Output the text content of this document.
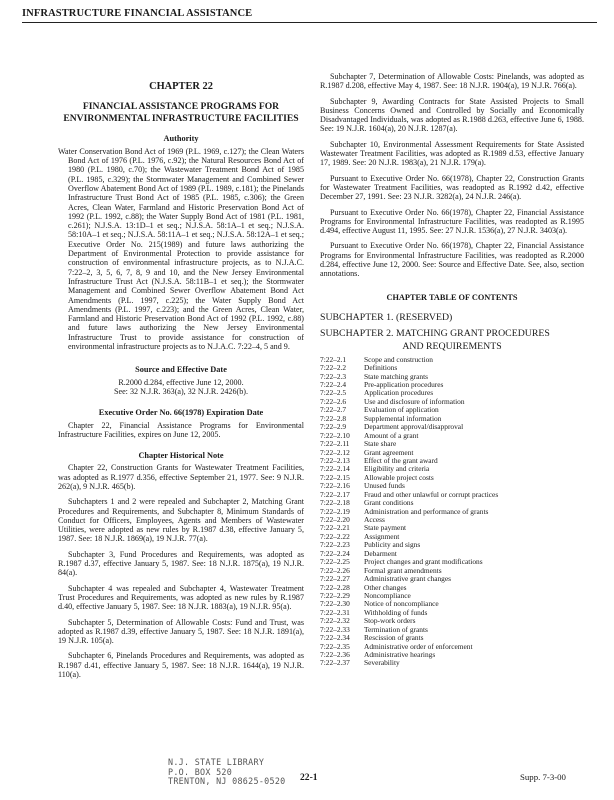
INFRASTRUCTURE FINANCIAL ASSISTANCE
CHAPTER 22
FINANCIAL ASSISTANCE PROGRAMS FOR ENVIRONMENTAL INFRASTRUCTURE FACILITIES
Authority
Water Conservation Bond Act of 1969 (P.L. 1969, c.127); the Clean Waters Bond Act of 1976 (P.L. 1976, c.92); the Natural Resources Bond Act of 1980 (P.L. 1980, c.70); the Wastewater Treatment Bond Act of 1985 (P.L. 1985, c.329); the Stormwater Management and Combined Sewer Overflow Abatement Bond Act of 1989 (P.L. 1989, c.181); the Pinelands Infrastructure Trust Bond Act of 1985 (P.L. 1985, c.306); the Green Acres, Clean Water, Farmland and Historic Preservation Bond Act of 1992 (P.L. 1992, c.88); the Water Supply Bond Act of 1981 (P.L. 1981, c.261); N.J.S.A. 13:1D–1 et seq.; N.J.S.A. 58:1A–1 et seq.; N.J.S.A. 58:10A–1 et seq.; N.J.S.A. 58:11A–1 et seq.; N.J.S.A. 58:12A–1 et seq.; Executive Order No. 215(1989) and future laws authorizing the Department of Environmental Protection to provide assistance for construction of environmental infrastructure projects, as to N.J.A.C. 7:22–2, 3, 5, 6, 7, 8, 9 and 10, and the New Jersey Environmental Infrastructure Trust Act (N.J.S.A. 58:11B–1 et seq.); the Stormwater Management and Combined Sewer Overflow Abatement Bond Act Amendments (P.L. 1997, c.225); the Water Supply Bond Act Amendments (P.L. 1997, c.223); and the Green Acres, Clean Water, Farmland and Historic Preservation Bond Act of 1992 (P.L. 1992, c.88) and future laws authorizing the New Jersey Environmental Infrastructure Trust to provide assistance for construction of environmental infrastructure projects as to N.J.A.C. 7:22–4, 5 and 9.
Source and Effective Date
R.2000 d.284, effective June 12, 2000.
See: 32 N.J.R. 363(a), 32 N.J.R. 2426(b).
Executive Order No. 66(1978) Expiration Date
Chapter 22, Financial Assistance Programs for Environmental Infrastructure Facilities, expires on June 12, 2005.
Chapter Historical Note
Chapter 22, Construction Grants for Wastewater Treatment Facilities, was adopted as R.1977 d.356, effective September 21, 1977. See: 9 N.J.R. 262(a), 9 N.J.R. 465(b).
Subchapters 1 and 2 were repealed and Subchapter 2, Matching Grant Procedures and Requirements, and Subchapter 8, Minimum Standards of Conduct for Officers, Employees, Agents and Members of Wastewater Utilities, were adopted as new rules by R.1987 d.38, effective January 5, 1987. See: 18 N.J.R. 1869(a), 19 N.J.R. 77(a).
Subchapter 3, Fund Procedures and Requirements, was adopted as R.1987 d.37, effective January 5, 1987. See: 18 N.J.R. 1875(a), 19 N.J.R. 84(a).
Subchapter 4 was repealed and Subchapter 4, Wastewater Treatment Trust Procedures and Requirements, was adopted as new rules by R.1987 d.40, effective January 5, 1987. See: 18 N.J.R. 1883(a), 19 N.J.R. 95(a).
Subchapter 5, Determination of Allowable Costs: Fund and Trust, was adopted as R.1987 d.39, effective January 5, 1987. See: 18 N.J.R. 1891(a), 19 N.J.R. 105(a).
Subchapter 6, Pinelands Procedures and Requirements, was adopted as R.1987 d.41, effective January 5, 1987. See: 18 N.J.R. 1644(a), 19 N.J.R. 110(a).
Subchapter 7, Determination of Allowable Costs: Pinelands, was adopted as R.1987 d.208, effective May 4, 1987. See: 18 N.J.R. 1904(a), 19 N.J.R. 766(a).
Subchapter 9, Awarding Contracts for State Assisted Projects to Small Business Concerns Owned and Controlled by Socially and Economically Disadvantaged Individuals, was adopted as R.1988 d.263, effective June 6, 1988. See: 19 N.J.R. 1604(a), 20 N.J.R. 1287(a).
Subchapter 10, Environmental Assessment Requirements for State Assisted Wastewater Treatment Facilities, was adopted as R.1989 d.53, effective January 17, 1989. See: 20 N.J.R. 1983(a), 21 N.J.R. 179(a).
Pursuant to Executive Order No. 66(1978), Chapter 22, Construction Grants for Wastewater Treatment Facilities, was readopted as R.1992 d.42, effective December 27, 1991. See: 23 N.J.R. 3282(a), 24 N.J.R. 246(a).
Pursuant to Executive Order No. 66(1978), Chapter 22, Financial Assistance Programs for Environmental Infrastructure Facilities, was readopted as R.1995 d.494, effective August 11, 1995. See: 27 N.J.R. 1536(a), 27 N.J.R. 3403(a).
Pursuant to Executive Order No. 66(1978), Chapter 22, Financial Assistance Programs for Environmental Infrastructure Facilities, was readopted as R.2000 d.284, effective June 12, 2000. See: Source and Effective Date. See, also, section annotations.
CHAPTER TABLE OF CONTENTS
SUBCHAPTER 1. (RESERVED)
SUBCHAPTER 2. MATCHING GRANT PROCEDURES
AND REQUIREMENTS
7:22–2.1	Scope and construction
7:22–2.2	Definitions
7:22–2.3	State matching grants
7:22–2.4	Pre-application procedures
7:22–2.5	Application procedures
7:22–2.6	Use and disclosure of information
7:22–2.7	Evaluation of application
7:22–2.8	Supplemental information
7:22–2.9	Department approval/disapproval
7:22–2.10	Amount of a grant
7:22–2.11	State share
7:22–2.12	Grant agreement
7:22–2.13	Effect of the grant award
7:22–2.14	Eligibility and criteria
7:22–2.15	Allowable project costs
7:22–2.16	Unused funds
7:22–2.17	Fraud and other unlawful or corrupt practices
7:22–2.18	Grant conditions
7:22–2.19	Administration and performance of grants
7:22–2.20	Access
7:22–2.21	State payment
7:22–2.22	Assignment
7:22–2.23	Publicity and signs
7:22–2.24	Debarment
7:22–2.25	Project changes and grant modifications
7:22–2.26	Formal grant amendments
7:22–2.27	Administrative grant changes
7:22–2.28	Other changes
7:22–2.29	Noncompliance
7:22–2.30	Notice of noncompliance
7:22–2.31	Withholding of funds
7:22–2.32	Stop-work orders
7:22–2.33	Termination of grants
7:22–2.34	Rescission of grants
7:22–2.35	Administrative order of enforcement
7:22–2.36	Administrative hearings
7:22–2.37	Severability
N.J. STATE LIBRARY
P.O. BOX 520
TRENTON, NJ 08625-0520 22-1	Supp. 7-3-00
